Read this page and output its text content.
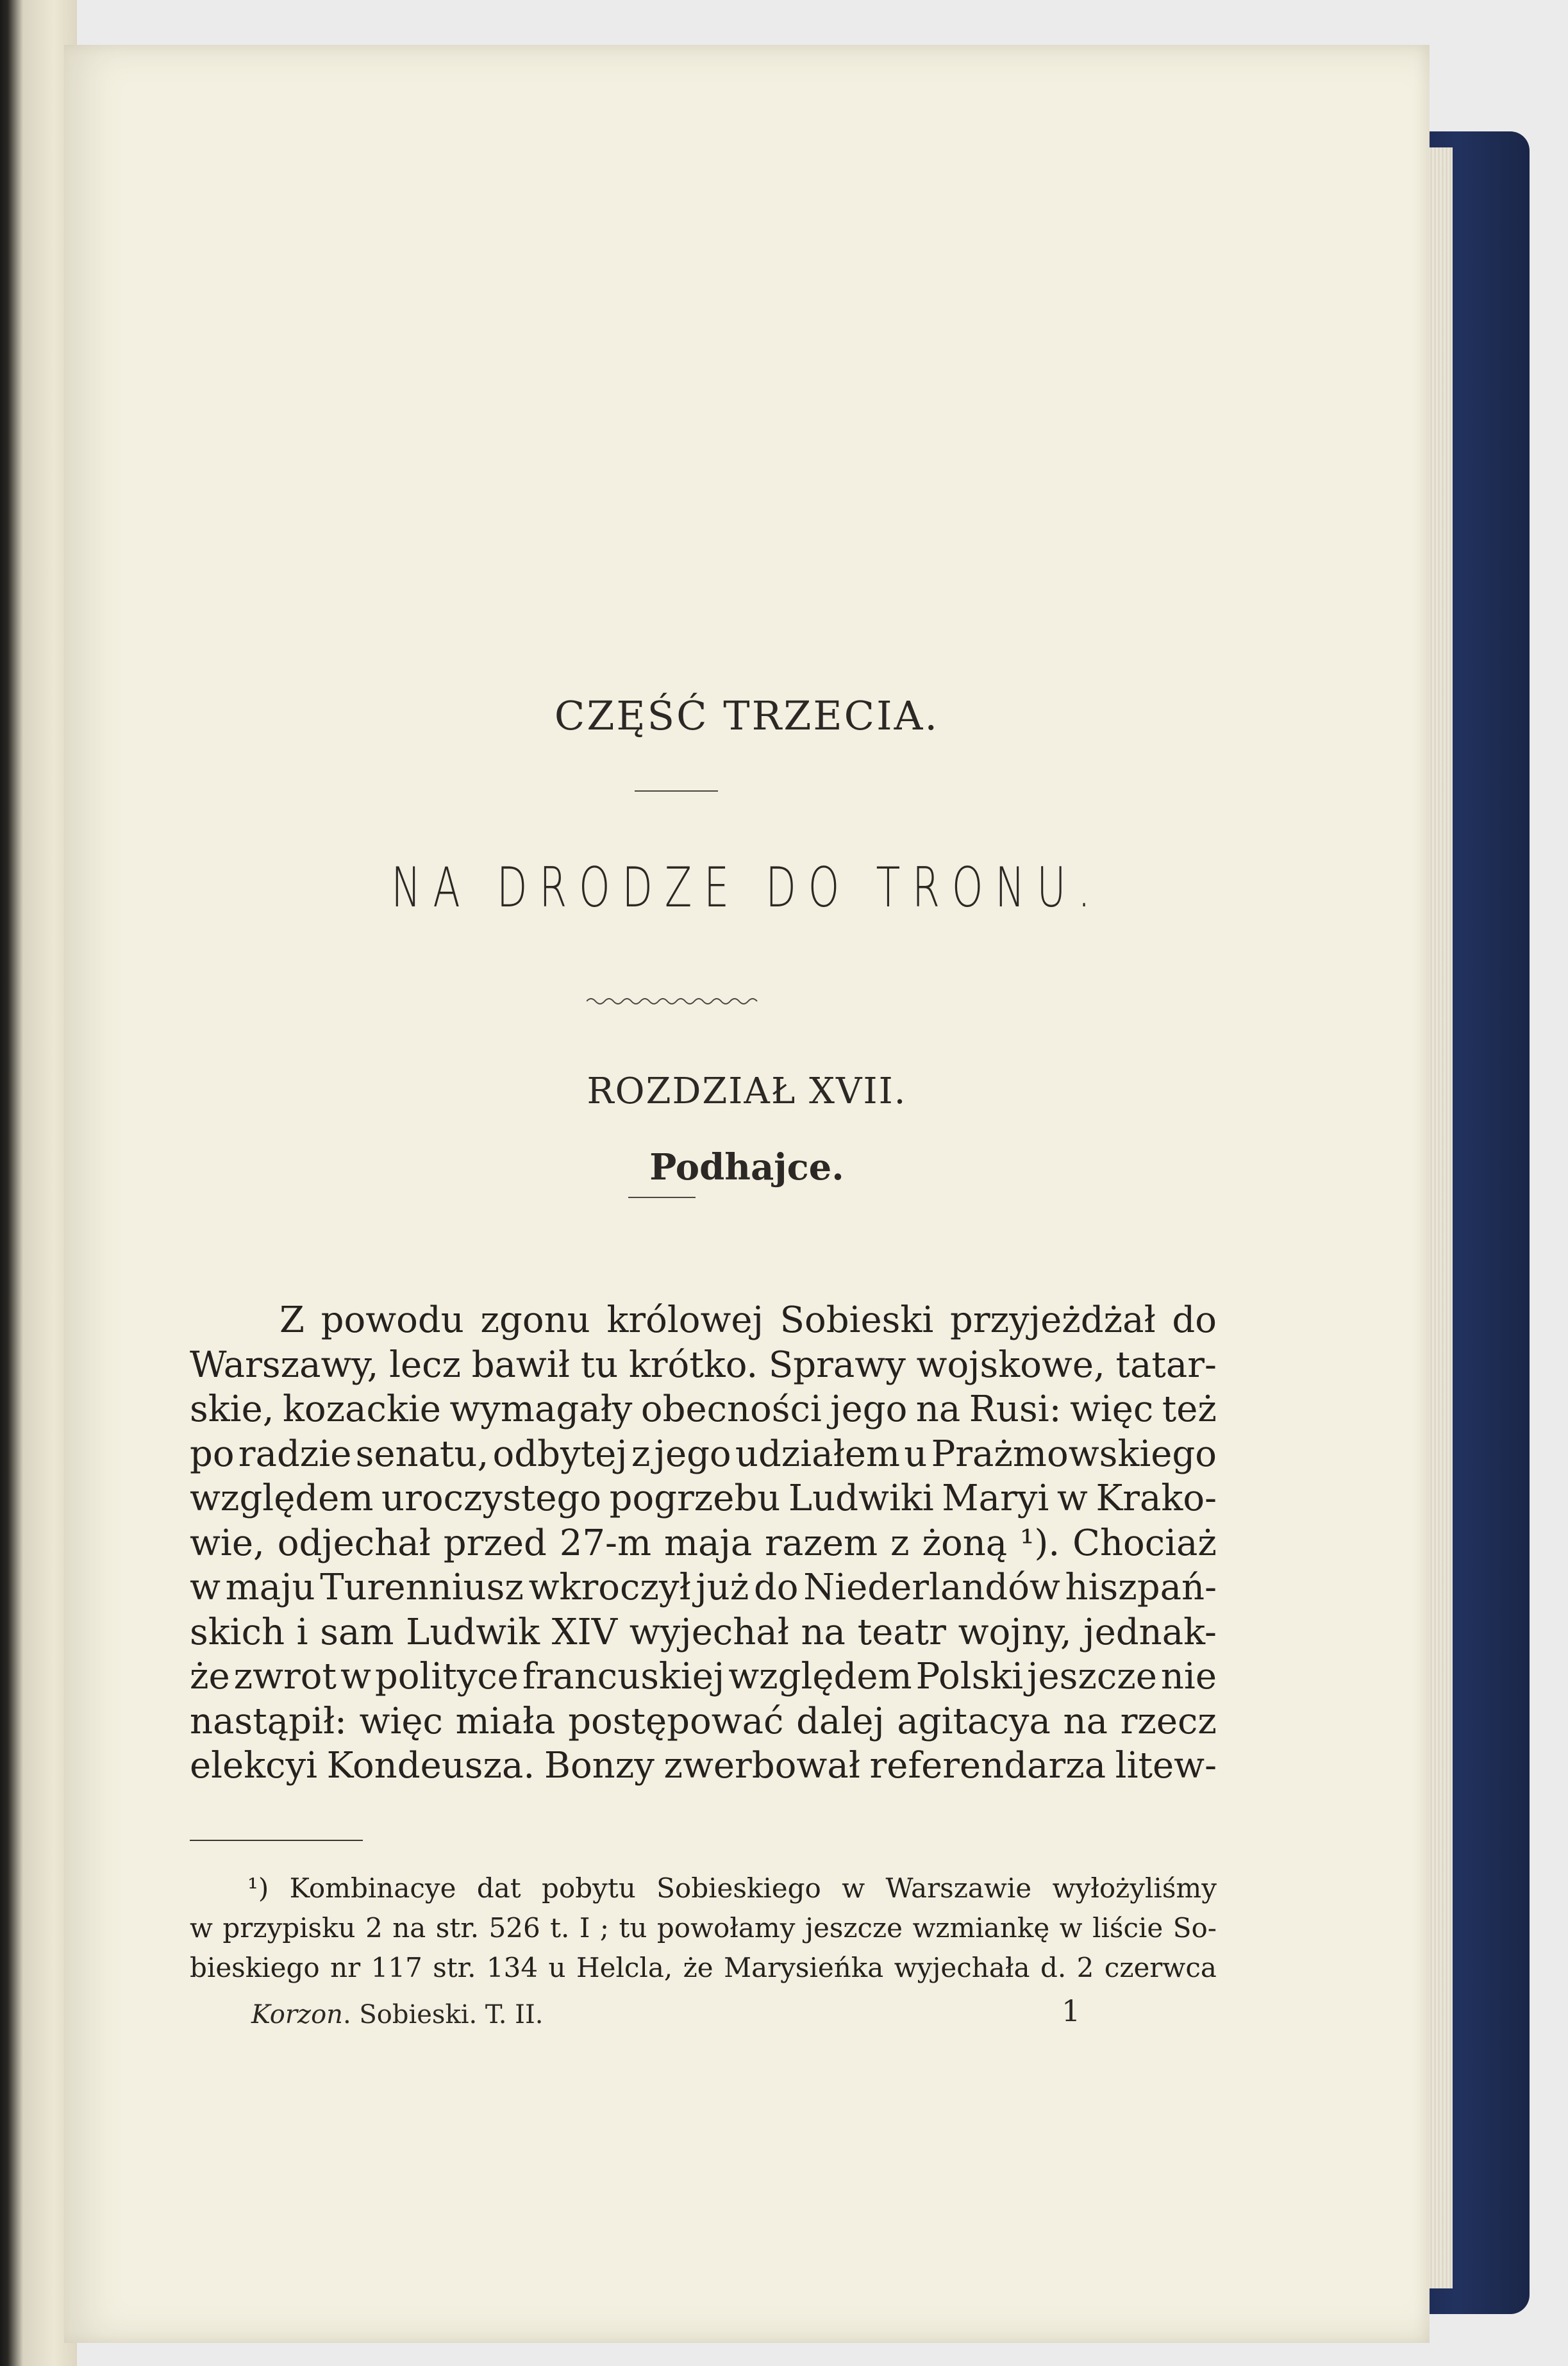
CZĘŚĆ TRZECIA.
NA DRODZE DO TRONU.
ROZDZIAŁ XVII.
Podhajce.
Z powodu zgonu królowej Sobieski przyjeżdżał do
Warszawy, lecz bawił tu krótko. Sprawy wojskowe, tatar-
skie, kozackie wymagały obecności jego na Rusi: więc też
po radzie senatu, odbytej z jego udziałem u Prażmowskiego
względem uroczystego pogrzebu Ludwiki Maryi w Krako-
wie, odjechał przed 27-m maja razem z żoną ¹). Chociaż
w maju Turenniusz wkroczył już do Niederlandów hiszpań-
skich i sam Ludwik XIV wyjechał na teatr wojny, jednak-
że zwrot w polityce francuskiej względem Polski jeszcze nie
nastąpił: więc miała postępować dalej agitacya na rzecz
elekcyi Kondeusza. Bonzy zwerbował referendarza litew-
¹) Kombinacye dat pobytu Sobieskiego w Warszawie wyłożyliśmy
w przypisku 2 na str. 526 t. I ; tu powołamy jeszcze wzmiankę w liście So-
bieskiego nr 117 str. 134 u Helcla, że Marysieńka wyjechała d. 2 czerwca
Korzon. Sobieski. T. II.	1
